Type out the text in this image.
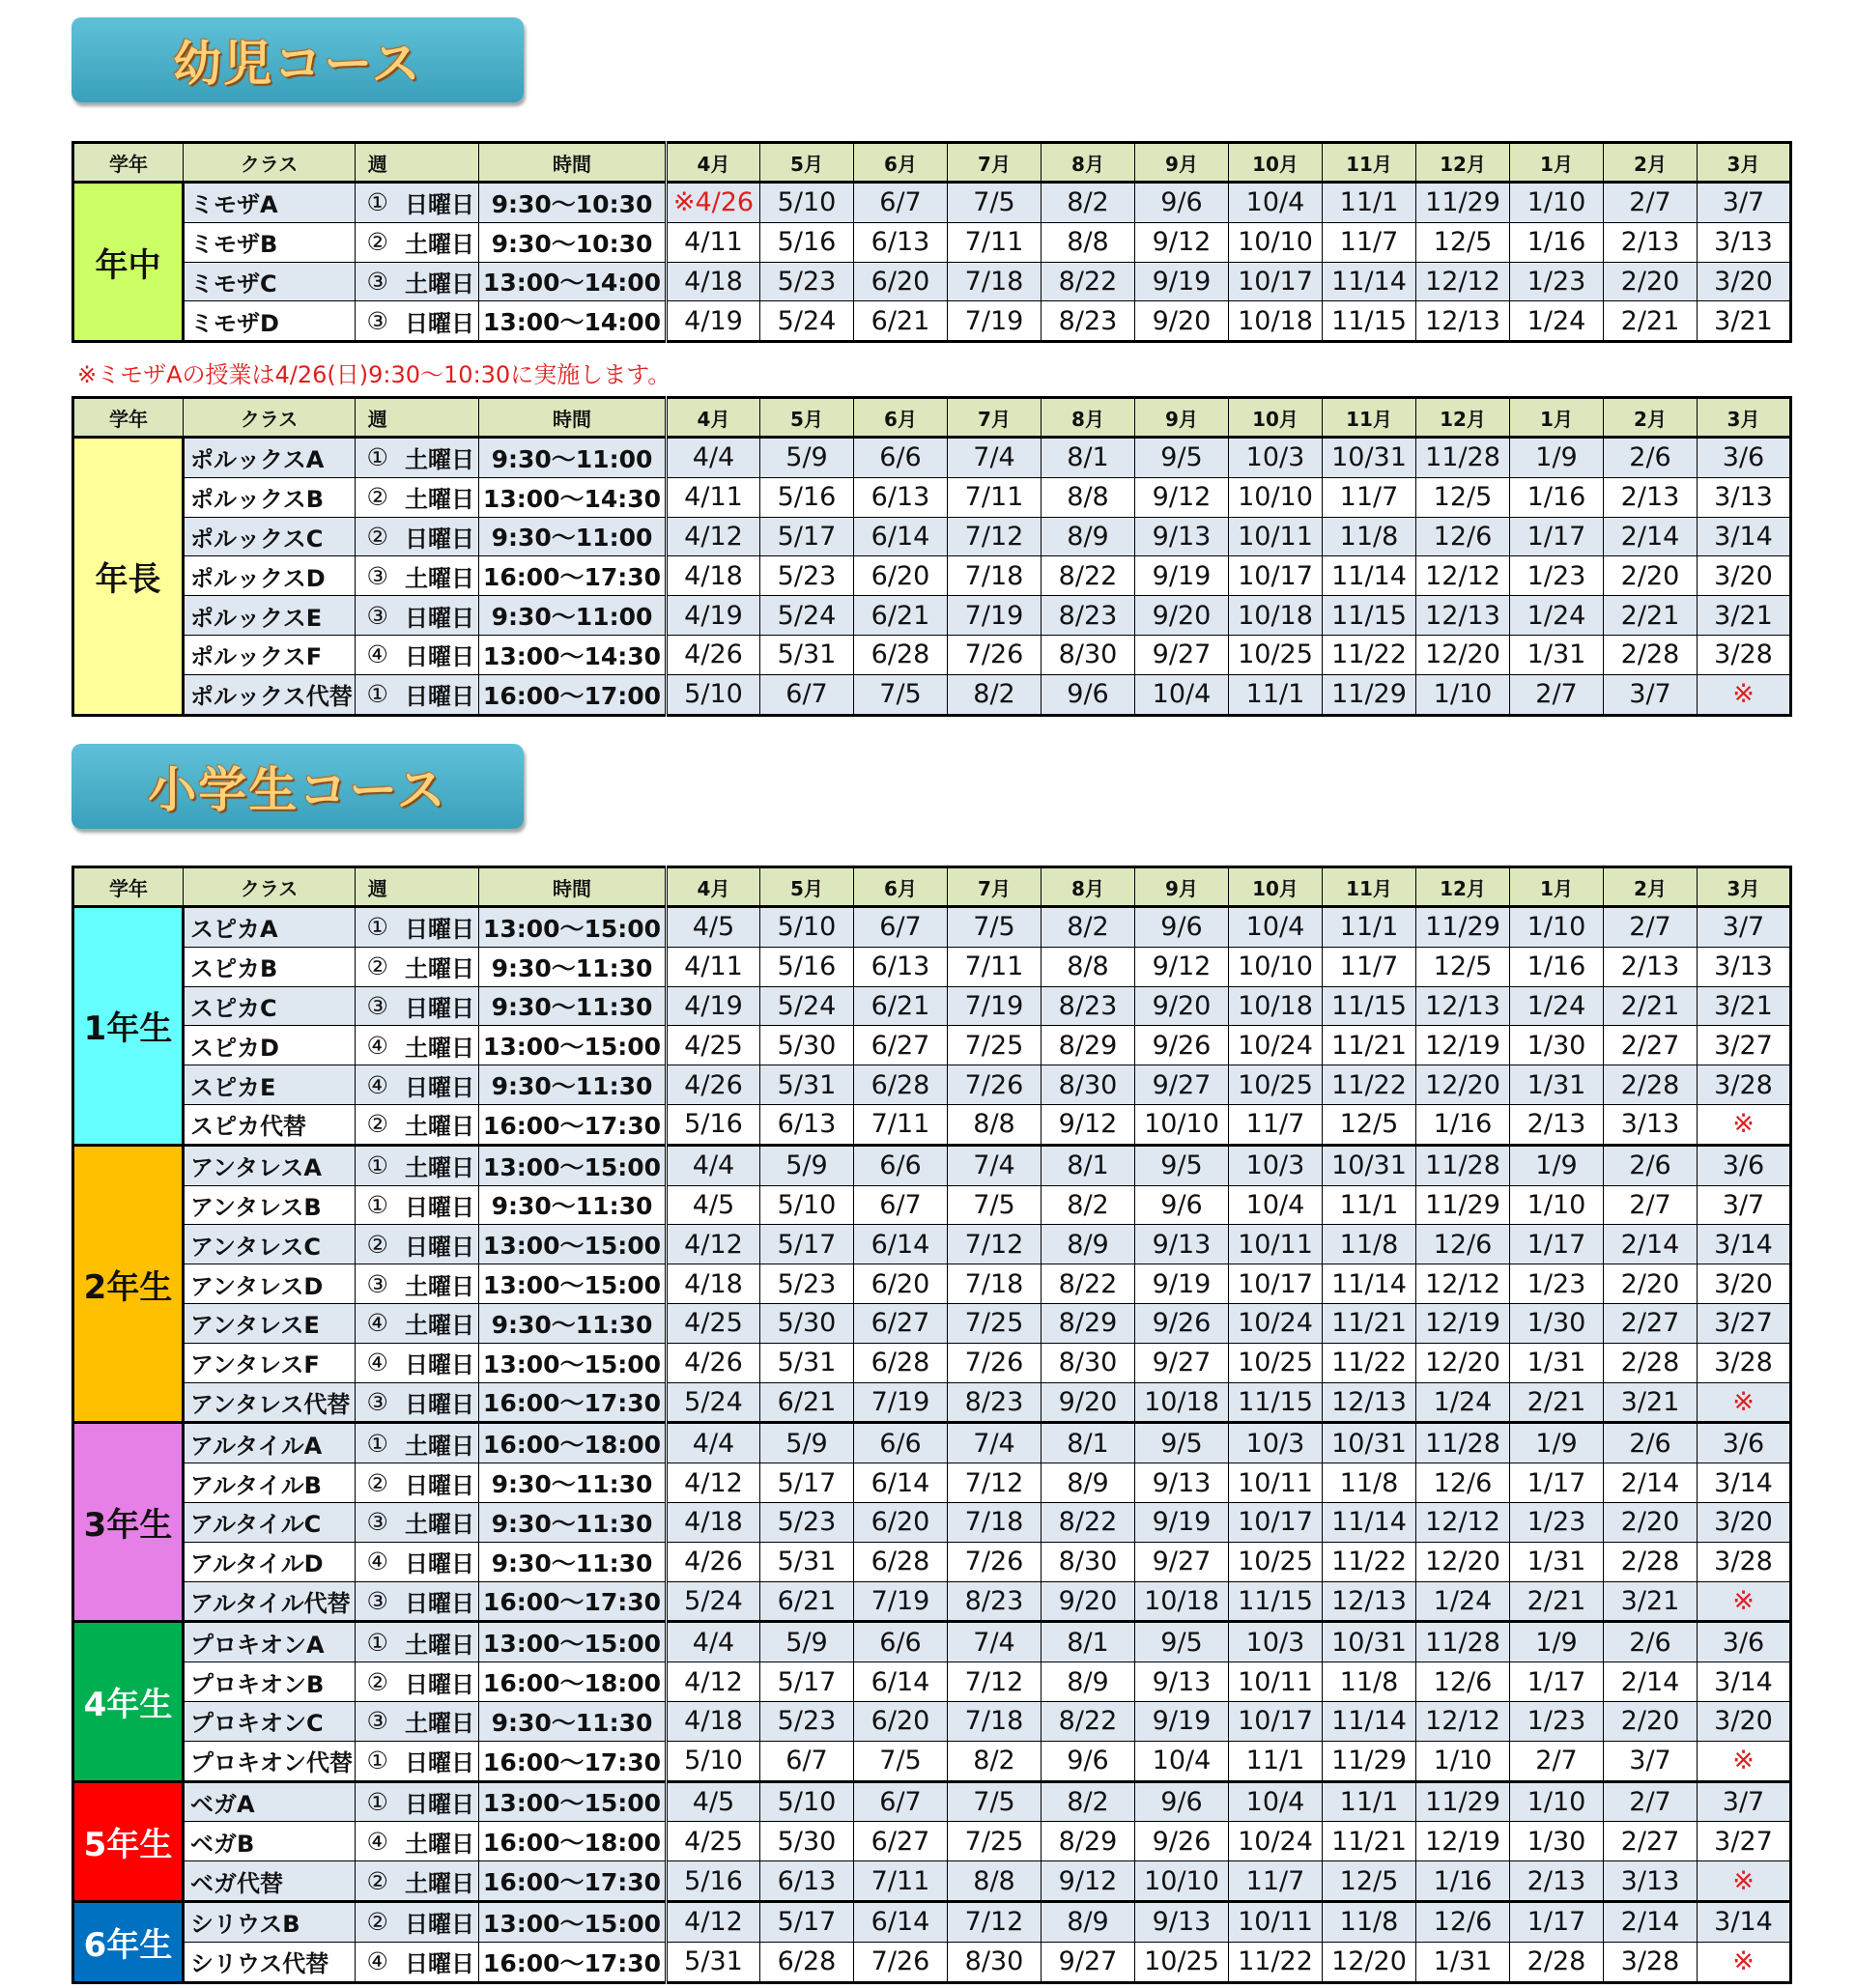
幼児コース
学年	クラス	週		時間	4月	5月	6月	7月	8月	9月	10月	11月	12月	1月	2月	3月
年中	ミモザA	①	日曜日	9:30～10:30	※4/26	5/10	6/7	7/5	8/2	9/6	10/4	11/1	11/29	1/10	2/7	3/7
	ミモザB	②	土曜日	9:30～10:30	4/11	5/16	6/13	7/11	8/8	9/12	10/10	11/7	12/5	1/16	2/13	3/13
	ミモザC	③	土曜日	13:00～14:00	4/18	5/23	6/20	7/18	8/22	9/19	10/17	11/14	12/12	1/23	2/20	3/20
	ミモザD	③	日曜日	13:00～14:00	4/19	5/24	6/21	7/19	8/23	9/20	10/18	11/15	12/13	1/24	2/21	3/21
※ミモザAの授業は4/26(日)9:30～10:30に実施します。
学年	クラス	週		時間	4月	5月	6月	7月	8月	9月	10月	11月	12月	1月	2月	3月
年長	ポルックスA	①	土曜日	9:30～11:00	4/4	5/9	6/6	7/4	8/1	9/5	10/3	10/31	11/28	1/9	2/6	3/6
	ポルックスB	②	土曜日	13:00～14:30	4/11	5/16	6/13	7/11	8/8	9/12	10/10	11/7	12/5	1/16	2/13	3/13
	ポルックスC	②	日曜日	9:30～11:00	4/12	5/17	6/14	7/12	8/9	9/13	10/11	11/8	12/6	1/17	2/14	3/14
	ポルックスD	③	土曜日	16:00～17:30	4/18	5/23	6/20	7/18	8/22	9/19	10/17	11/14	12/12	1/23	2/20	3/20
	ポルックスE	③	日曜日	9:30～11:00	4/19	5/24	6/21	7/19	8/23	9/20	10/18	11/15	12/13	1/24	2/21	3/21
	ポルックスF	④	日曜日	13:00～14:30	4/26	5/31	6/28	7/26	8/30	9/27	10/25	11/22	12/20	1/31	2/28	3/28
	ポルックス代替	①	日曜日	16:00～17:00	5/10	6/7	7/5	8/2	9/6	10/4	11/1	11/29	1/10	2/7	3/7	※
小学生コース
学年	クラス	週		時間	4月	5月	6月	7月	8月	9月	10月	11月	12月	1月	2月	3月
1年生	スピカA	①	日曜日	13:00～15:00	4/5	5/10	6/7	7/5	8/2	9/6	10/4	11/1	11/29	1/10	2/7	3/7
	スピカB	②	土曜日	9:30～11:30	4/11	5/16	6/13	7/11	8/8	9/12	10/10	11/7	12/5	1/16	2/13	3/13
	スピカC	③	日曜日	9:30～11:30	4/19	5/24	6/21	7/19	8/23	9/20	10/18	11/15	12/13	1/24	2/21	3/21
	スピカD	④	土曜日	13:00～15:00	4/25	5/30	6/27	7/25	8/29	9/26	10/24	11/21	12/19	1/30	2/27	3/27
	スピカE	④	日曜日	9:30～11:30	4/26	5/31	6/28	7/26	8/30	9/27	10/25	11/22	12/20	1/31	2/28	3/28
	スピカ代替	②	土曜日	16:00～17:30	5/16	6/13	7/11	8/8	9/12	10/10	11/7	12/5	1/16	2/13	3/13	※
2年生	アンタレスA	①	土曜日	13:00～15:00	4/4	5/9	6/6	7/4	8/1	9/5	10/3	10/31	11/28	1/9	2/6	3/6
	アンタレスB	①	日曜日	9:30～11:30	4/5	5/10	6/7	7/5	8/2	9/6	10/4	11/1	11/29	1/10	2/7	3/7
	アンタレスC	②	日曜日	13:00～15:00	4/12	5/17	6/14	7/12	8/9	9/13	10/11	11/8	12/6	1/17	2/14	3/14
	アンタレスD	③	土曜日	13:00～15:00	4/18	5/23	6/20	7/18	8/22	9/19	10/17	11/14	12/12	1/23	2/20	3/20
	アンタレスE	④	土曜日	9:30～11:30	4/25	5/30	6/27	7/25	8/29	9/26	10/24	11/21	12/19	1/30	2/27	3/27
	アンタレスF	④	日曜日	13:00～15:00	4/26	5/31	6/28	7/26	8/30	9/27	10/25	11/22	12/20	1/31	2/28	3/28
	アンタレス代替	③	日曜日	16:00～17:30	5/24	6/21	7/19	8/23	9/20	10/18	11/15	12/13	1/24	2/21	3/21	※
3年生	アルタイルA	①	土曜日	16:00～18:00	4/4	5/9	6/6	7/4	8/1	9/5	10/3	10/31	11/28	1/9	2/6	3/6
	アルタイルB	②	日曜日	9:30～11:30	4/12	5/17	6/14	7/12	8/9	9/13	10/11	11/8	12/6	1/17	2/14	3/14
	アルタイルC	③	土曜日	9:30～11:30	4/18	5/23	6/20	7/18	8/22	9/19	10/17	11/14	12/12	1/23	2/20	3/20
	アルタイルD	④	日曜日	9:30～11:30	4/26	5/31	6/28	7/26	8/30	9/27	10/25	11/22	12/20	1/31	2/28	3/28
	アルタイル代替	③	日曜日	16:00～17:30	5/24	6/21	7/19	8/23	9/20	10/18	11/15	12/13	1/24	2/21	3/21	※
4年生	プロキオンA	①	土曜日	13:00～15:00	4/4	5/9	6/6	7/4	8/1	9/5	10/3	10/31	11/28	1/9	2/6	3/6
	プロキオンB	②	日曜日	16:00～18:00	4/12	5/17	6/14	7/12	8/9	9/13	10/11	11/8	12/6	1/17	2/14	3/14
	プロキオンC	③	土曜日	9:30～11:30	4/18	5/23	6/20	7/18	8/22	9/19	10/17	11/14	12/12	1/23	2/20	3/20
	プロキオン代替	①	日曜日	16:00～17:30	5/10	6/7	7/5	8/2	9/6	10/4	11/1	11/29	1/10	2/7	3/7	※
5年生	ベガA	①	日曜日	13:00～15:00	4/5	5/10	6/7	7/5	8/2	9/6	10/4	11/1	11/29	1/10	2/7	3/7
	ベガB	④	土曜日	16:00～18:00	4/25	5/30	6/27	7/25	8/29	9/26	10/24	11/21	12/19	1/30	2/27	3/27
	ベガ代替	②	土曜日	16:00～17:30	5/16	6/13	7/11	8/8	9/12	10/10	11/7	12/5	1/16	2/13	3/13	※
6年生	シリウスB	②	日曜日	13:00～15:00	4/12	5/17	6/14	7/12	8/9	9/13	10/11	11/8	12/6	1/17	2/14	3/14
	シリウス代替	④	日曜日	16:00～17:30	5/31	6/28	7/26	8/30	9/27	10/25	11/22	12/20	1/31	2/28	3/28	※
